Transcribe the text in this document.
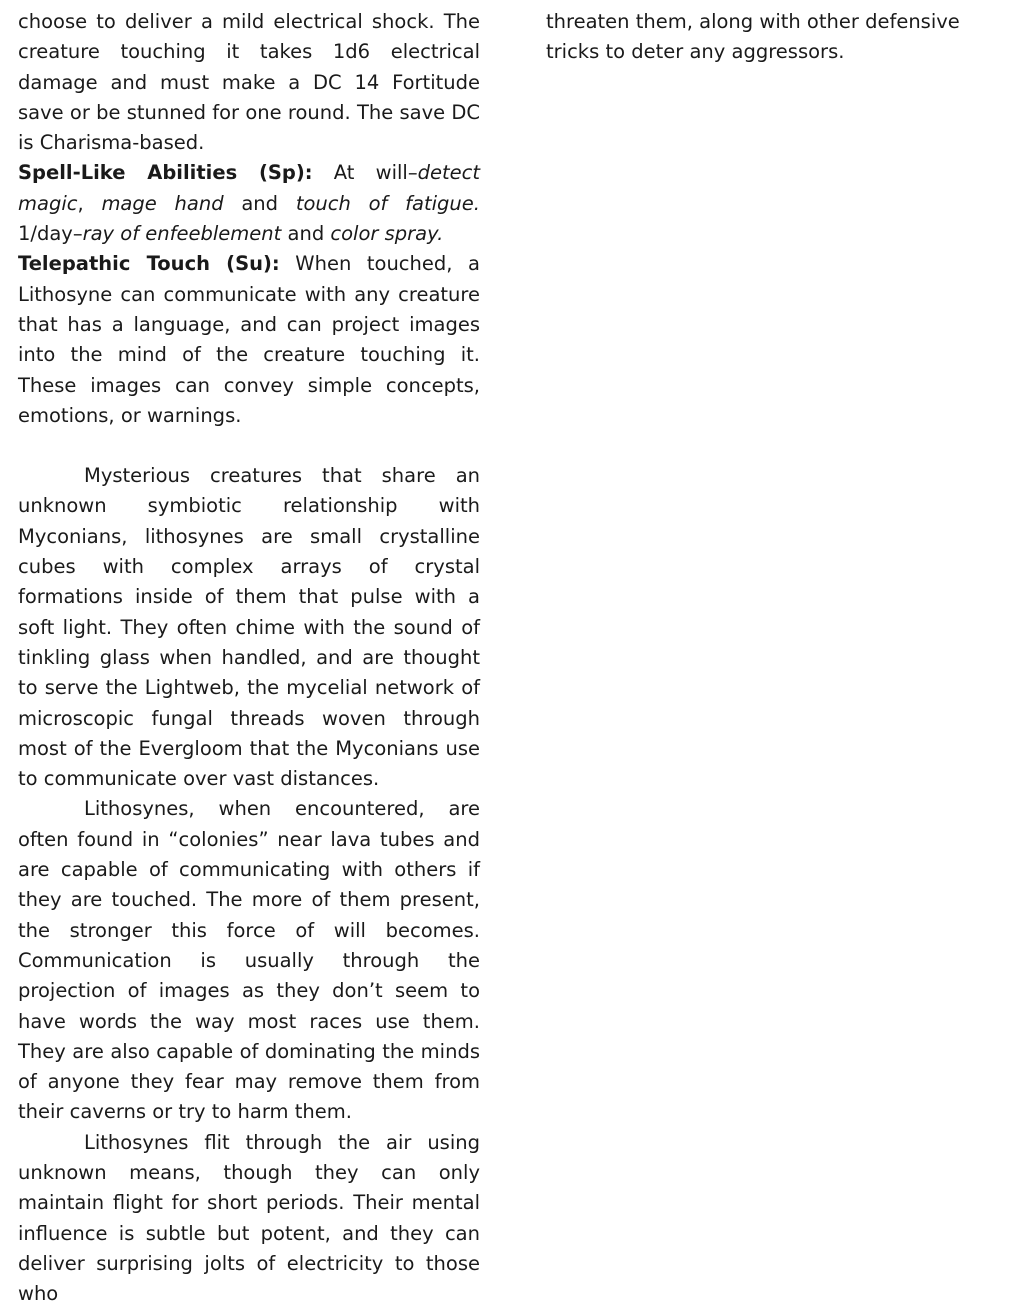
choose to deliver a mild electrical shock. The creature touching it takes 1d6 electrical damage and must make a DC 14 Fortitude save or be stunned for one round. The save DC is Charisma-based.

Spell-Like Abilities (Sp): At will–detect magic, mage hand and touch of fatigue. 1/day–ray of enfeeblement and color spray.

Telepathic Touch (Su): When touched, a Lithosyne can communicate with any creature that has a language, and can project images into the mind of the creature touching it. These images can convey simple concepts, emotions, or warnings.

Mysterious creatures that share an unknown symbiotic relationship with Myconians, lithosynes are small crystalline cubes with complex arrays of crystal formations inside of them that pulse with a soft light. They often chime with the sound of tinkling glass when handled, and are thought to serve the Lightweb, the mycelial network of microscopic fungal threads woven through most of the Evergloom that the Myconians use to communicate over vast distances.

Lithosynes, when encountered, are often found in “colonies” near lava tubes and are capable of communicating with others if they are touched. The more of them present, the stronger this force of will becomes. Communication is usually through the projection of images as they don’t seem to have words the way most races use them. They are also capable of dominating the minds of anyone they fear may remove them from their caverns or try to harm them.

Lithosynes flit through the air using unknown means, though they can only maintain flight for short periods. Their mental influence is subtle but potent, and they can deliver surprising jolts of electricity to those who

threaten them, along with other defensive tricks to deter any aggressors.
